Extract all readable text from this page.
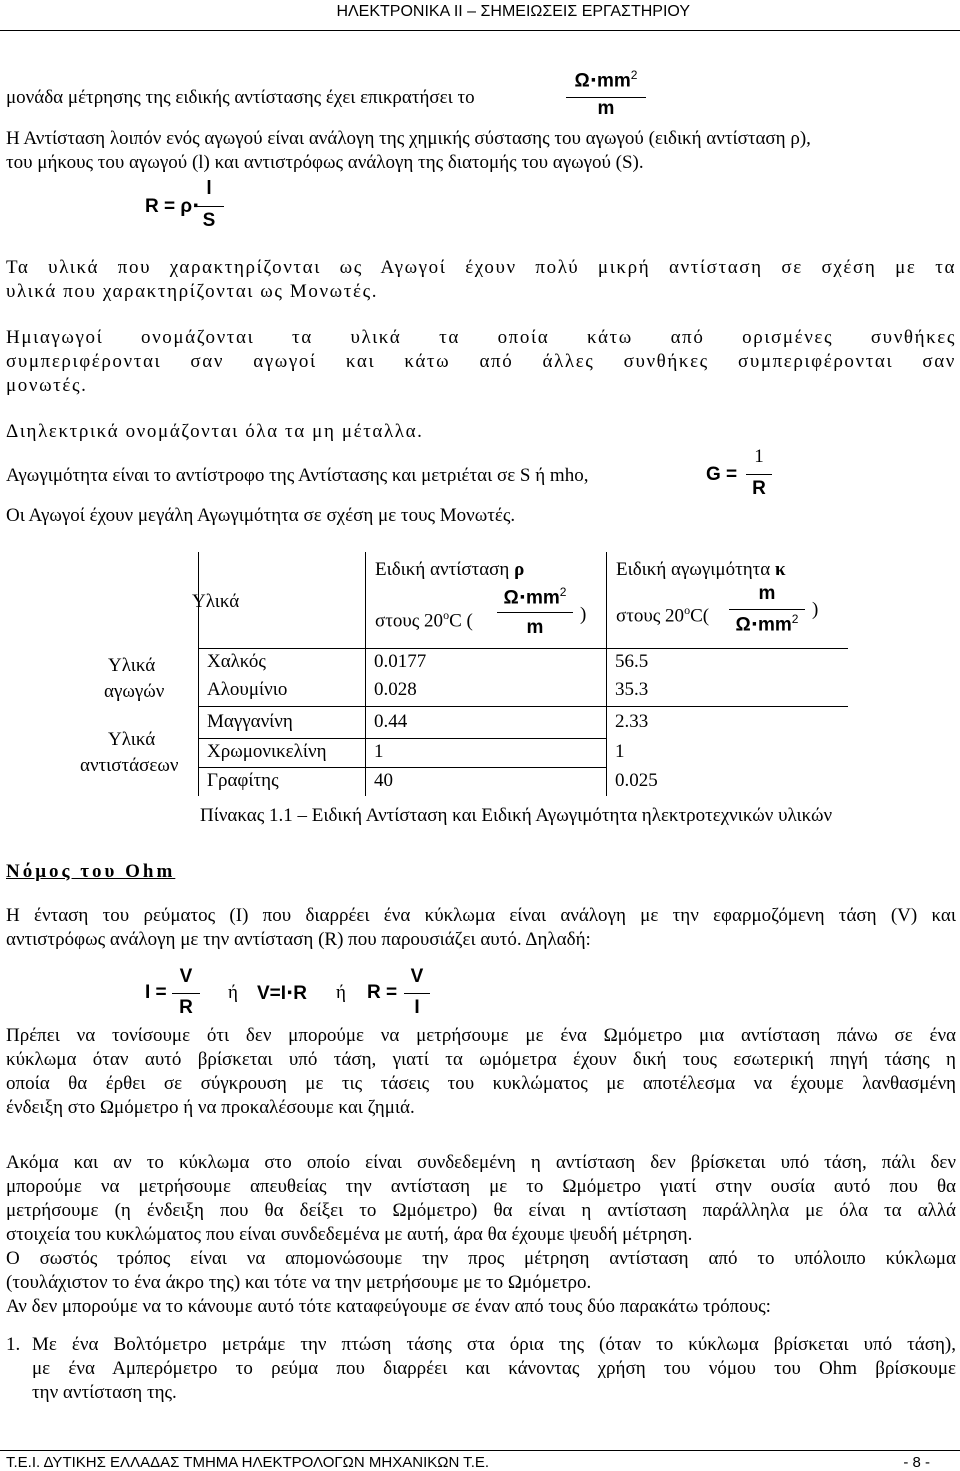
ΗΛΕΚΤΡΟΝΙΚΑ ΙΙ – ΣΗΜΕΙΩΣΕΙΣ ΕΡΓΑΣΤΗΡΙΟΥ
μονάδα μέτρησης της ειδικής αντίστασης έχει επικρατήσει το
$\Omega\cdot mm^2$
m
Η Αντίσταση λοιπόν ενός αγωγού είναι ανάλογη της χημικής σύστασης του αγωγού (ειδική αντίσταση ρ),
του μήκους του αγωγού (l) και αντιστρόφως ανάλογη της διατομής του αγωγού (S).
R = ρ⋅
l
S
Τα υλικά που χαρακτηρίζονται ως Αγωγοί έχουν πολύ μικρή αντίσταση σε σχέση με τα
υλικά που χαρακτηρίζονται ως Μονωτές.
Ημιαγωγοί ονομάζονται τα υλικά τα οποία κάτω από ορισμένες συνθήκες
συμπεριφέρονται σαν αγωγοί και κάτω από άλλες συνθήκες συμπεριφέρονται σαν
μονωτές.
Διηλεκτρικά ονομάζονται όλα τα μη μέταλλα.
Αγωγιμότητα είναι το αντίστροφο της Αντίστασης και μετριέται σε S ή mho,	G =
1
R
Οι Αγωγοί έχουν μεγάλη Αγωγιμότητα σε σχέση με τους Μονωτές.
Υλικά
Ειδική αντίσταση ρ
στους 20$^o$C (
$\Omega\cdot mm^2$
m
)
Ειδική αγωγιμότητα κ
στους 20$^o$C(
m
$\Omega\cdot mm^2$ )
Υλικά
αγωγών
Υλικά
αντιστάσεων
Χαλκός	0.0177	56.5
Αλουμίνιο	0.028	35.3
Μαγγανίνη	0.44	2.33
Χρωμονικελίνη 1	1
Γραφίτης	40	0.025
Πίνακας 1.1 – Ειδική Αντίσταση και Ειδική Αγωγιμότητα ηλεκτροτεχνικών υλικών
Νόμος του Ohm
Η ένταση του ρεύματος (I) που διαρρέει ένα κύκλωμα είναι ανάλογη με την εφαρμοζόμενη τάση (V) και
αντιστρόφως ανάλογη με την αντίσταση (R) που παρουσιάζει αυτό. Δηλαδή:
I =
V
R
ή V=I⋅R ή R =
V
I
Πρέπει να τονίσουμε ότι δεν μπορούμε να μετρήσουμε με ένα Ωμόμετρο μια αντίσταση πάνω σε ένα
κύκλωμα όταν αυτό βρίσκεται υπό τάση, γιατί τα ωμόμετρα έχουν δική τους εσωτερική πηγή τάσης η
οποία θα έρθει σε σύγκρουση με τις τάσεις του κυκλώματος με αποτέλεσμα να έχουμε λανθασμένη
ένδειξη στο Ωμόμετρο ή να προκαλέσουμε και ζημιά.
Ακόμα και αν το κύκλωμα στο οποίο είναι συνδεδεμένη η αντίσταση δεν βρίσκεται υπό τάση, πάλι δεν
μπορούμε να μετρήσουμε απευθείας την αντίσταση με το Ωμόμετρο γιατί στην ουσία αυτό που θα
μετρήσουμε (η ένδειξη που θα δείξει το Ωμόμετρο) θα είναι η αντίσταση παράλληλα με όλα τα αλλά
στοιχεία του κυκλώματος που είναι συνδεδεμένα με αυτή, άρα θα έχουμε ψευδή μέτρηση.
Ο σωστός τρόπος είναι να απομονώσουμε την προς μέτρηση αντίσταση από το υπόλοιπο κύκλωμα
(τουλάχιστον το ένα άκρο της) και τότε να την μετρήσουμε με το Ωμόμετρο.
Αν δεν μπορούμε να το κάνουμε αυτό τότε καταφεύγουμε σε έναν από τους δύο παρακάτω τρόπους:
1. Με ένα Βολτόμετρο μετράμε την πτώση τάσης στα όρια της (όταν το κύκλωμα βρίσκεται υπό τάση),
με ένα Αμπερόμετρο το ρεύμα που διαρρέει και κάνοντας χρήση του νόμου του Ohm βρίσκουμε
την αντίσταση της.
Τ.Ε.Ι. ΔΥΤΙΚΗΣ ΕΛΛΑΔΑΣ ΤΜΗΜΑ ΗΛΕΚΤΡΟΛΟΓΩΝ ΜΗΧΑΝΙΚΩΝ Τ.Ε.	- 8 -
